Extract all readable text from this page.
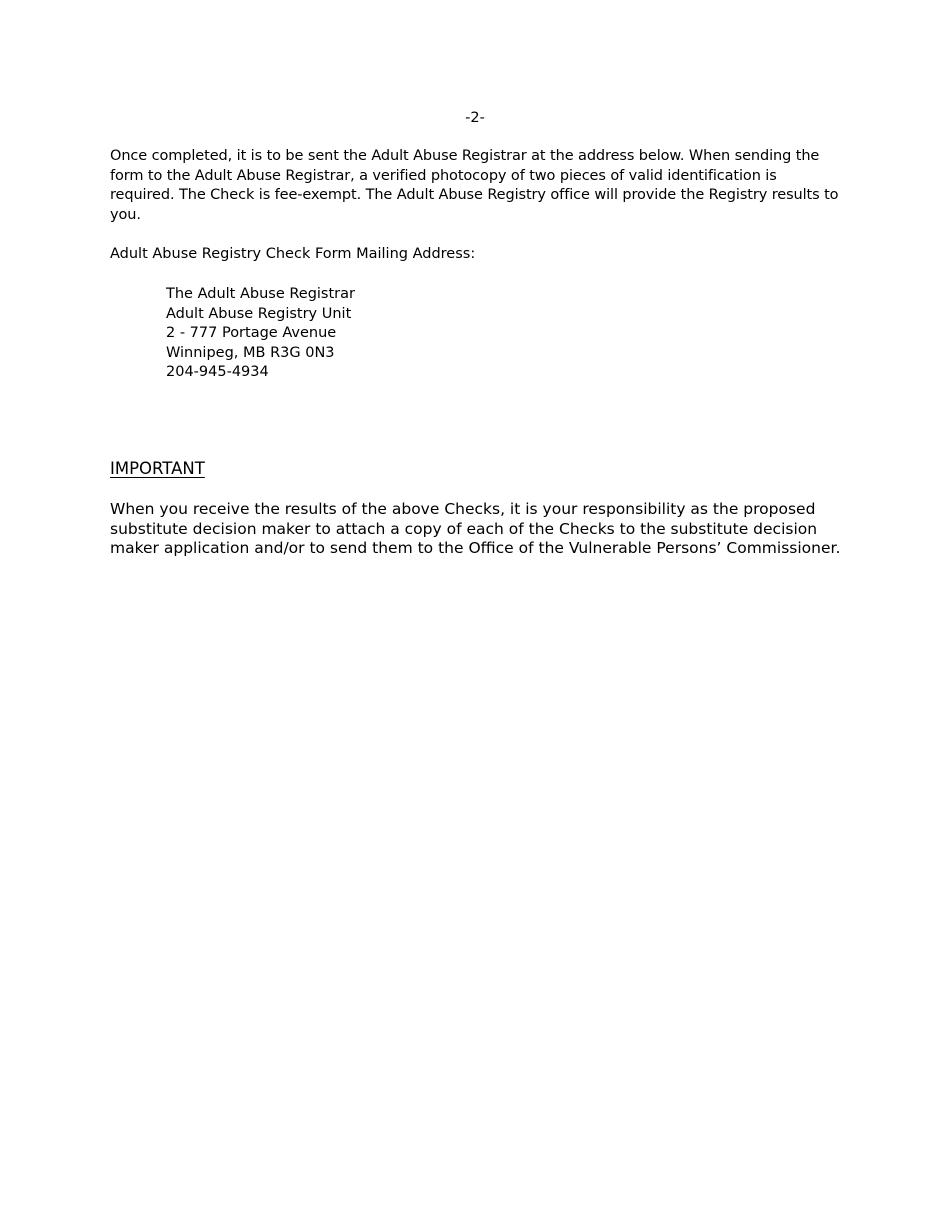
-2-

Once completed, it is to be sent the Adult Abuse Registrar at the address below. When sending the form to the Adult Abuse Registrar, a verified photocopy of two pieces of valid identification is required. The Check is fee-exempt. The Adult Abuse Registry office will provide the Registry results to you.

Adult Abuse Registry Check Form Mailing Address:
The Adult Abuse Registrar
Adult Abuse Registry Unit
2 - 777 Portage Avenue
Winnipeg, MB R3G 0N3
204-945-4934
IMPORTANT

When you receive the results of the above Checks, it is your responsibility as the proposed substitute decision maker to attach a copy of each of the Checks to the substitute decision maker application and/or to send them to the Office of the Vulnerable Persons’ Commissioner.
